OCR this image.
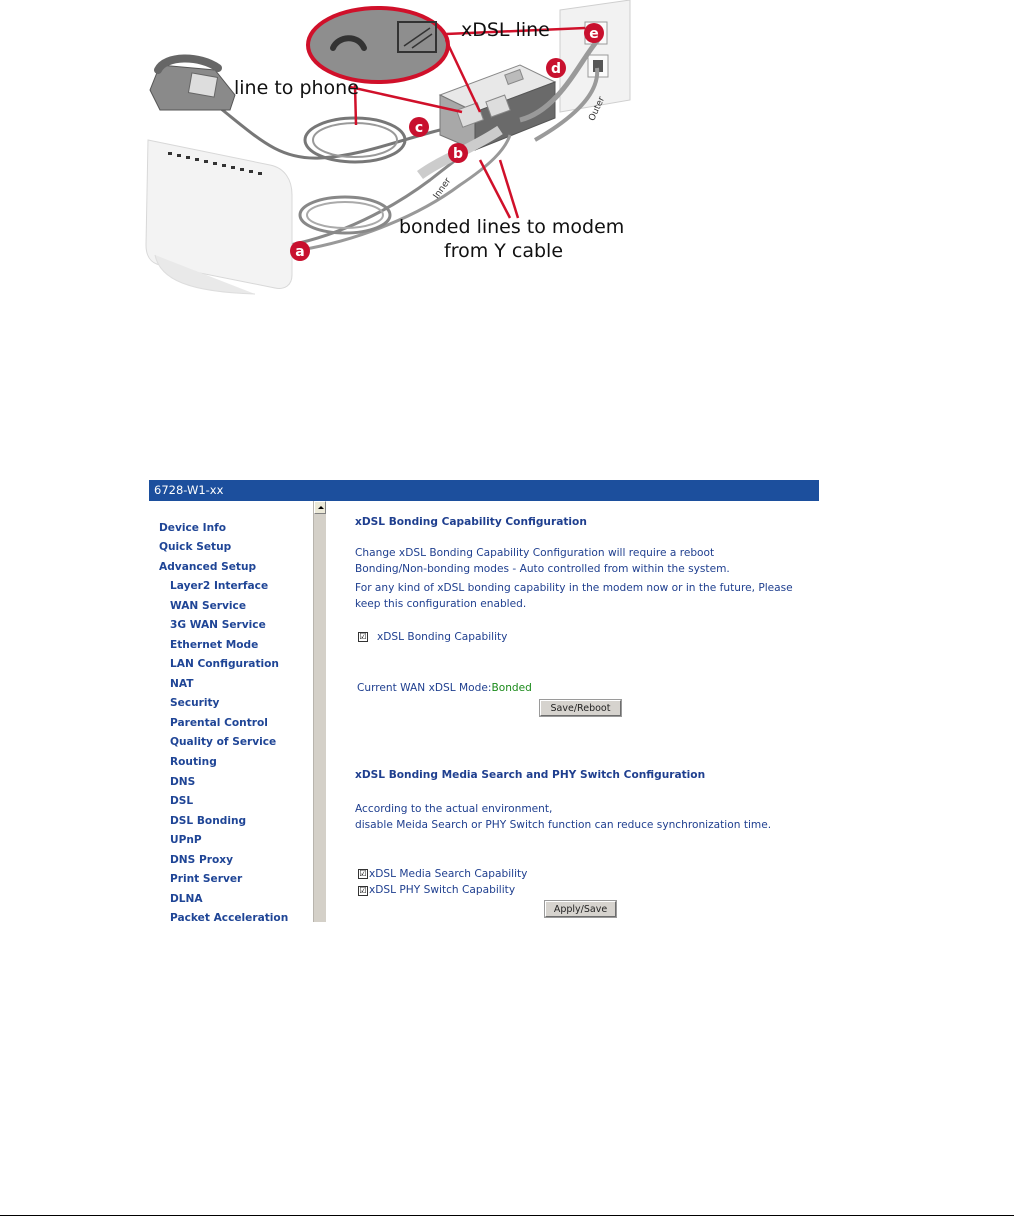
a
b
c
d
e
xDSL line
line to phone
bonded lines to modem
from Y cable
Inner
Outer
6728-W1-xx
Device Info
Quick Setup
Advanced Setup
Layer2 Interface
WAN Service
3G WAN Service
Ethernet Mode
LAN Configuration
NAT
Security
Parental Control
Quality of Service
Routing
DNS
DSL
DSL Bonding
UPnP
DNS Proxy
Print Server
DLNA
Packet Acceleration
xDSL Bonding Capability Configuration
Change xDSL Bonding Capability Configuration will require a reboot
Bonding/Non-bonding modes - Auto controlled from within the system.
For any kind of xDSL bonding capability in the modem now or in the future, Please
keep this configuration enabled.
☑ xDSL Bonding Capability
Current WAN xDSL Mode:Bonded
Save/Reboot
xDSL Bonding Media Search and PHY Switch Configuration
According to the actual environment,
disable Meida Search or PHY Switch function can reduce synchronization time.
☑ xDSL Media Search Capability
☑ xDSL PHY Switch Capability
Apply/Save
